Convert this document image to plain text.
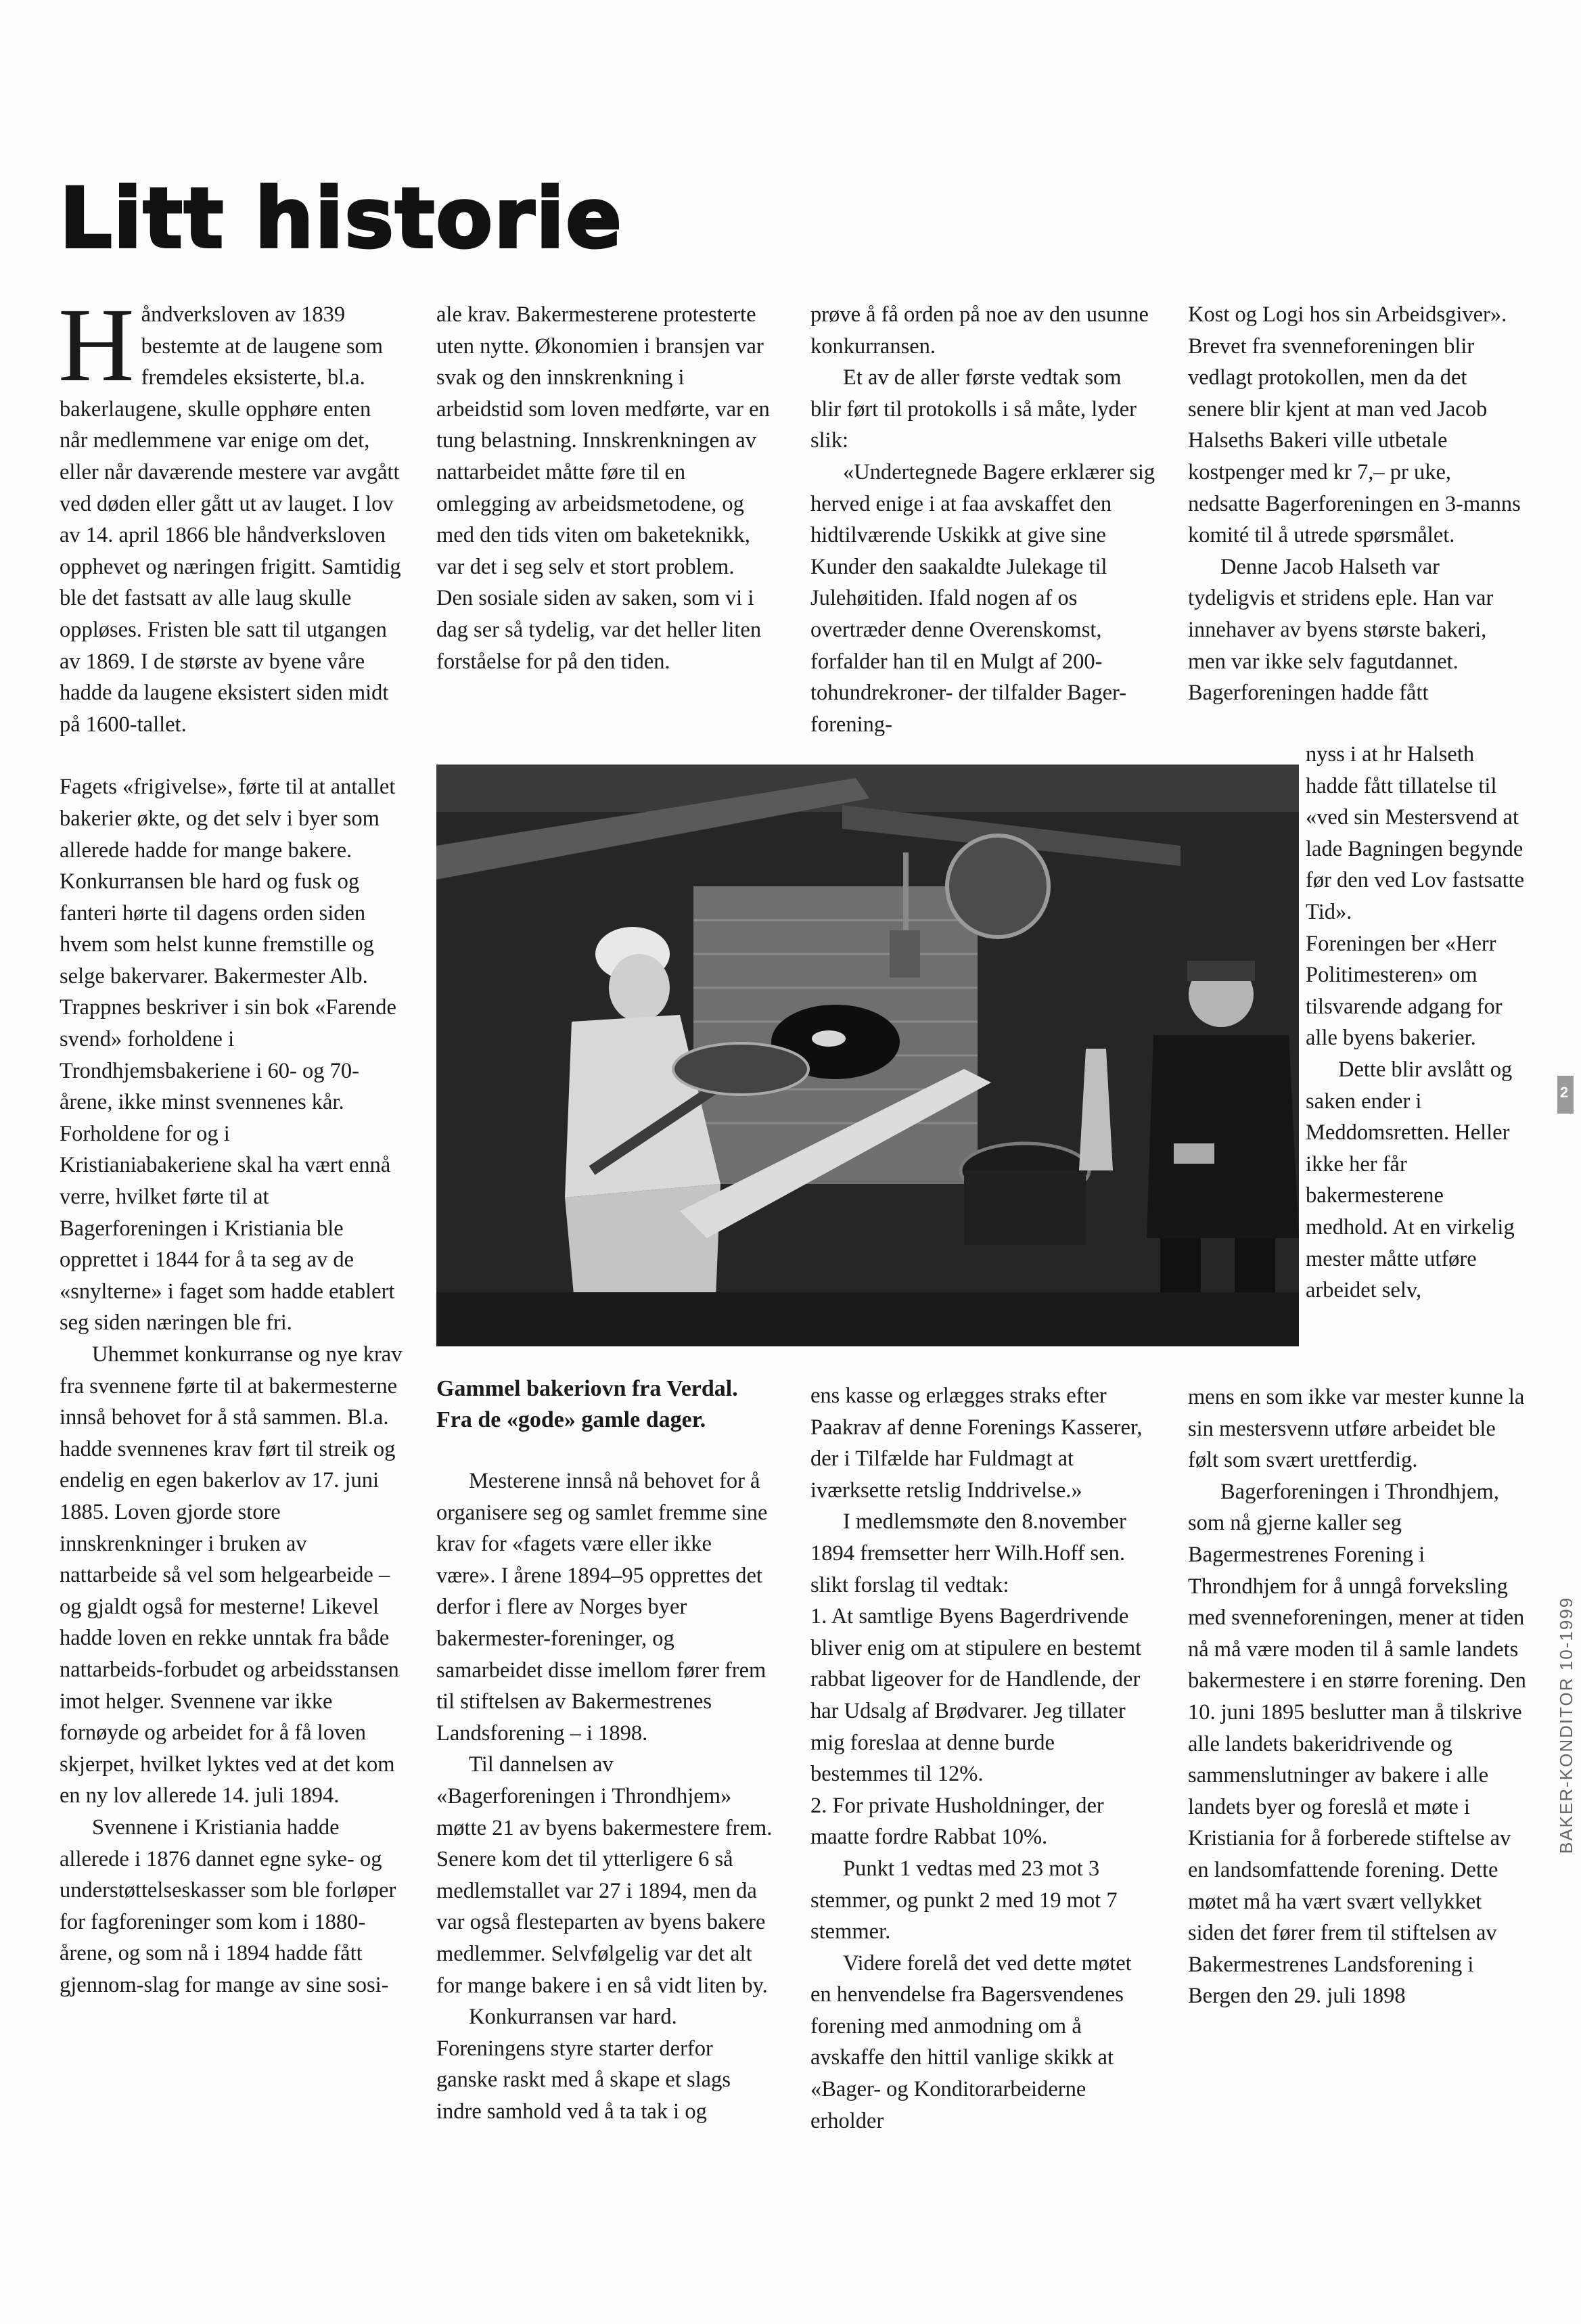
Litt historie

Håndverksloven av 1839 bestemte at de laugene som fremdeles eksisterte, bl.a. bakerlaugene, skulle opphøre enten når medlemmene var enige om det, eller når daværende mestere var avgått ved døden eller gått ut av lauget. I lov av 14. april 1866 ble håndverksloven opphevet og næringen frigitt. Samtidig ble det fastsatt av alle laug skulle oppløses. Fristen ble satt til utgangen av 1869. I de største av byene våre hadde da laugene eksistert siden midt på 1600-tallet.

Fagets «frigivelse», førte til at antallet bakerier økte, og det selv i byer som allerede hadde for mange bakere. Konkurransen ble hard og fusk og fanteri hørte til dagens orden siden hvem som helst kunne fremstille og selge bakervarer. Bakermester Alb. Trappnes beskriver i sin bok «Farende svend» forholdene i Trondhjemsbakeriene i 60- og 70-årene, ikke minst svennenes kår. Forholdene for og i Kristianiabakeriene skal ha vært ennå verre, hvilket førte til at Bagerforeningen i Kristiania ble opprettet i 1844 for å ta seg av de «snylterne» i faget som hadde etablert seg siden næringen ble fri.

Uhemmet konkurranse og nye krav fra svennene førte til at bakermesterne innså behovet for å stå sammen. Bl.a. hadde svennenes krav ført til streik og endelig en egen bakerlov av 17. juni 1885. Loven gjorde store innskrenkninger i bruken av nattarbeide så vel som helgearbeide – og gjaldt også for mesterne! Likevel hadde loven en rekke unntak fra både nattarbeids-forbudet og arbeidsstansen imot helger. Svennene var ikke fornøyde og arbeidet for å få loven skjerpet, hvilket lyktes ved at det kom en ny lov allerede 14. juli 1894.

Svennene i Kristiania hadde allerede i 1876 dannet egne syke- og understøttelseskasser som ble forløper for fagforeninger som kom i 1880-årene, og som nå i 1894 hadde fått gjennom-slag for mange av sine sosi-

ale krav. Bakermesterene protesterte uten nytte. Økonomien i bransjen var svak og den innskrenkning i arbeidstid som loven medførte, var en tung belastning. Innskrenkningen av nattarbeidet måtte føre til en omlegging av arbeidsmetodene, og med den tids viten om baketeknikk, var det i seg selv et stort problem. Den sosiale siden av saken, som vi i dag ser så tydelig, var det heller liten forståelse for på den tiden.

Gammel bakeriovn fra Verdal.

Fra de «gode» gamle dager.

Mesterene innså nå behovet for å organisere seg og samlet fremme sine krav for «fagets være eller ikke være». I årene 1894–95 opprettes det derfor i flere av Norges byer bakermester-foreninger, og samarbeidet disse imellom fører frem til stiftelsen av Bakermestrenes Landsforening – i 1898.

Til dannelsen av «Bagerforeningen i Throndhjem» møtte 21 av byens bakermestere frem. Senere kom det til ytterligere 6 så medlemstallet var 27 i 1894, men da var også flesteparten av byens bakere medlemmer. Selvfølgelig var det alt for mange bakere i en så vidt liten by.

Konkurransen var hard. Foreningens styre starter derfor ganske raskt med å skape et slags indre samhold ved å ta tak i og

prøve å få orden på noe av den usunne konkurransen.

Et av de aller første vedtak som blir ført til protokolls i så måte, lyder slik:

«Undertegnede Bagere erklærer sig herved enige i at faa avskaffet den hidtilværende Uskikk at give sine Kunder den saakaldte Julekage til Julehøitiden. Ifald nogen af os overtræder denne Overenskomst, forfalder han til en Mulgt af 200-tohundrekroner- der tilfalder Bager-forening-

ens kasse og erlægges straks efter Paakrav af denne Forenings Kasserer, der i Tilfælde har Fuldmagt at iværksette retslig Inddrivelse.»

I medlemsmøte den 8.november 1894 fremsetter herr Wilh.Hoff sen. slikt forslag til vedtak:

1. At samtlige Byens Bagerdrivende bliver enig om at stipulere en bestemt rabbat ligeover for de Handlende, der har Udsalg af Brødvarer. Jeg tillater mig foreslaa at denne burde bestemmes til 12%.

2. For private Husholdninger, der maatte fordre Rabbat 10%.

Punkt 1 vedtas med 23 mot 3 stemmer, og punkt 2 med 19 mot 7 stemmer.

Videre forelå det ved dette møtet en henvendelse fra Bagersvendenes forening med anmodning om å avskaffe den hittil vanlige skikk at «Bager- og Konditorarbeiderne erholder

Kost og Logi hos sin Arbeidsgiver». Brevet fra svenneforeningen blir vedlagt protokollen, men da det senere blir kjent at man ved Jacob Halseths Bakeri ville utbetale kostpenger med kr 7,– pr uke, nedsatte Bagerforeningen en 3-manns komité til å utrede spørsmålet.

Denne Jacob Halseth var tydeligvis et stridens eple. Han var innehaver av byens største bakeri, men var ikke selv fagutdannet. Bagerforeningen hadde fått

nyss i at hr Halseth hadde fått tillatelse til «ved sin Mestersvend at lade Bagningen begynde før den ved Lov fastsatte Tid».

Foreningen ber «Herr Politimesteren» om tilsvarende adgang for alle byens bakerier.

Dette blir avslått og saken ender i Meddomsretten. Heller ikke her får bakermesterene medhold. At en virkelig mester måtte utføre arbeidet selv,

mens en som ikke var mester kunne la sin mestersvenn utføre arbeidet ble følt som svært urettferdig.

Bagerforeningen i Throndhjem, som nå gjerne kaller seg Bagermestrenes Forening i Throndhjem for å unngå forveksling med svenneforeningen, mener at tiden nå må være moden til å samle landets bakermestere i en større forening. Den 10. juni 1895 beslutter man å tilskrive alle landets bakeridrivende og sammenslutninger av bakere i alle landets byer og foreslå et møte i Kristiania for å forberede stiftelse av en landsomfattende forening. Dette møtet må ha vært svært vellykket siden det fører frem til stiftelsen av Bakermestrenes Landsforening i Bergen den 29. juli 1898

2
BAKER-KONDITOR 10-1999
